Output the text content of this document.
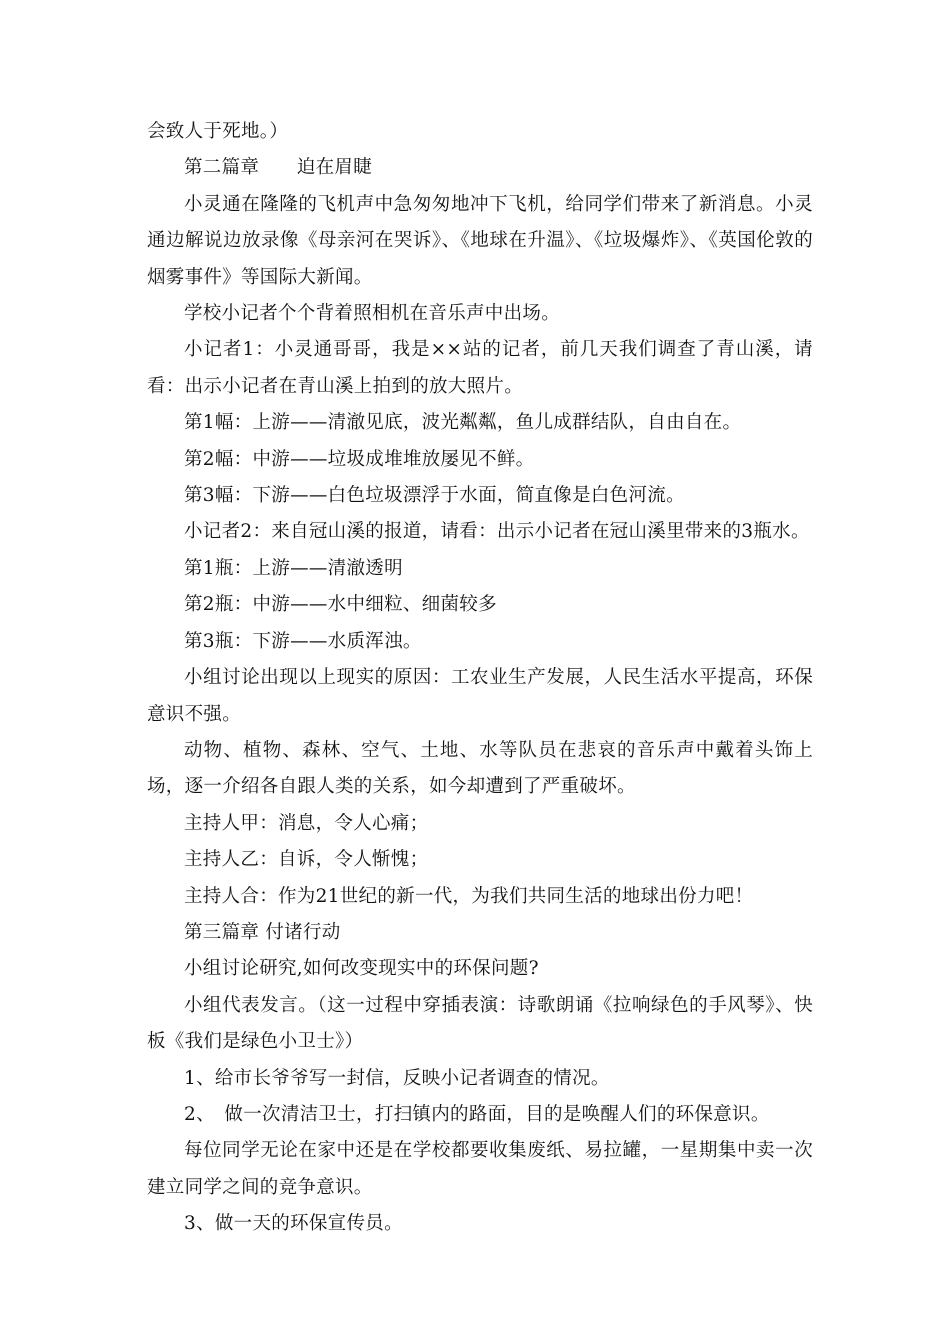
会致人于死地。）

第二篇章　　迫在眉睫

小灵通在隆隆的飞机声中急匆匆地冲下飞机，给同学们带来了新消息。小灵通边解说边放录像《母亲河在哭诉》、《地球在升温》、《垃圾爆炸》、《英国伦敦的烟雾事件》等国际大新闻。

学校小记者个个背着照相机在音乐声中出场。

小记者1：小灵通哥哥，我是××站的记者，前几天我们调查了青山溪，请看：出示小记者在青山溪上拍到的放大照片。

第1幅：上游——清澈见底，波光粼粼，鱼儿成群结队，自由自在。

第2幅：中游——垃圾成堆堆放屡见不鲜。

第3幅：下游——白色垃圾漂浮于水面，简直像是白色河流。

小记者2：来自冠山溪的报道，请看：出示小记者在冠山溪里带来的3瓶水。

第1瓶：上游——清澈透明

第2瓶：中游——水中细粒、细菌较多

第3瓶：下游——水质浑浊。

小组讨论出现以上现实的原因：工农业生产发展，人民生活水平提高，环保意识不强。

动物、植物、森林、空气、土地、水等队员在悲哀的音乐声中戴着头饰上场，逐一介绍各自跟人类的关系，如今却遭到了严重破坏。

主持人甲：消息，令人心痛；

主持人乙：自诉，令人惭愧；

主持人合：作为21世纪的新一代，为我们共同生活的地球出份力吧！

第三篇章 付诸行动

小组讨论研究,如何改变现实中的环保问题?

小组代表发言。（这一过程中穿插表演：诗歌朗诵《拉响绿色的手风琴》、快板《我们是绿色小卫士》）

1、给市长爷爷写一封信，反映小记者调查的情况。

2、　做一次清洁卫士，打扫镇内的路面，目的是唤醒人们的环保意识。

每位同学无论在家中还是在学校都要收集废纸、易拉罐，一星期集中卖一次建立同学之间的竞争意识。

3、做一天的环保宣传员。
